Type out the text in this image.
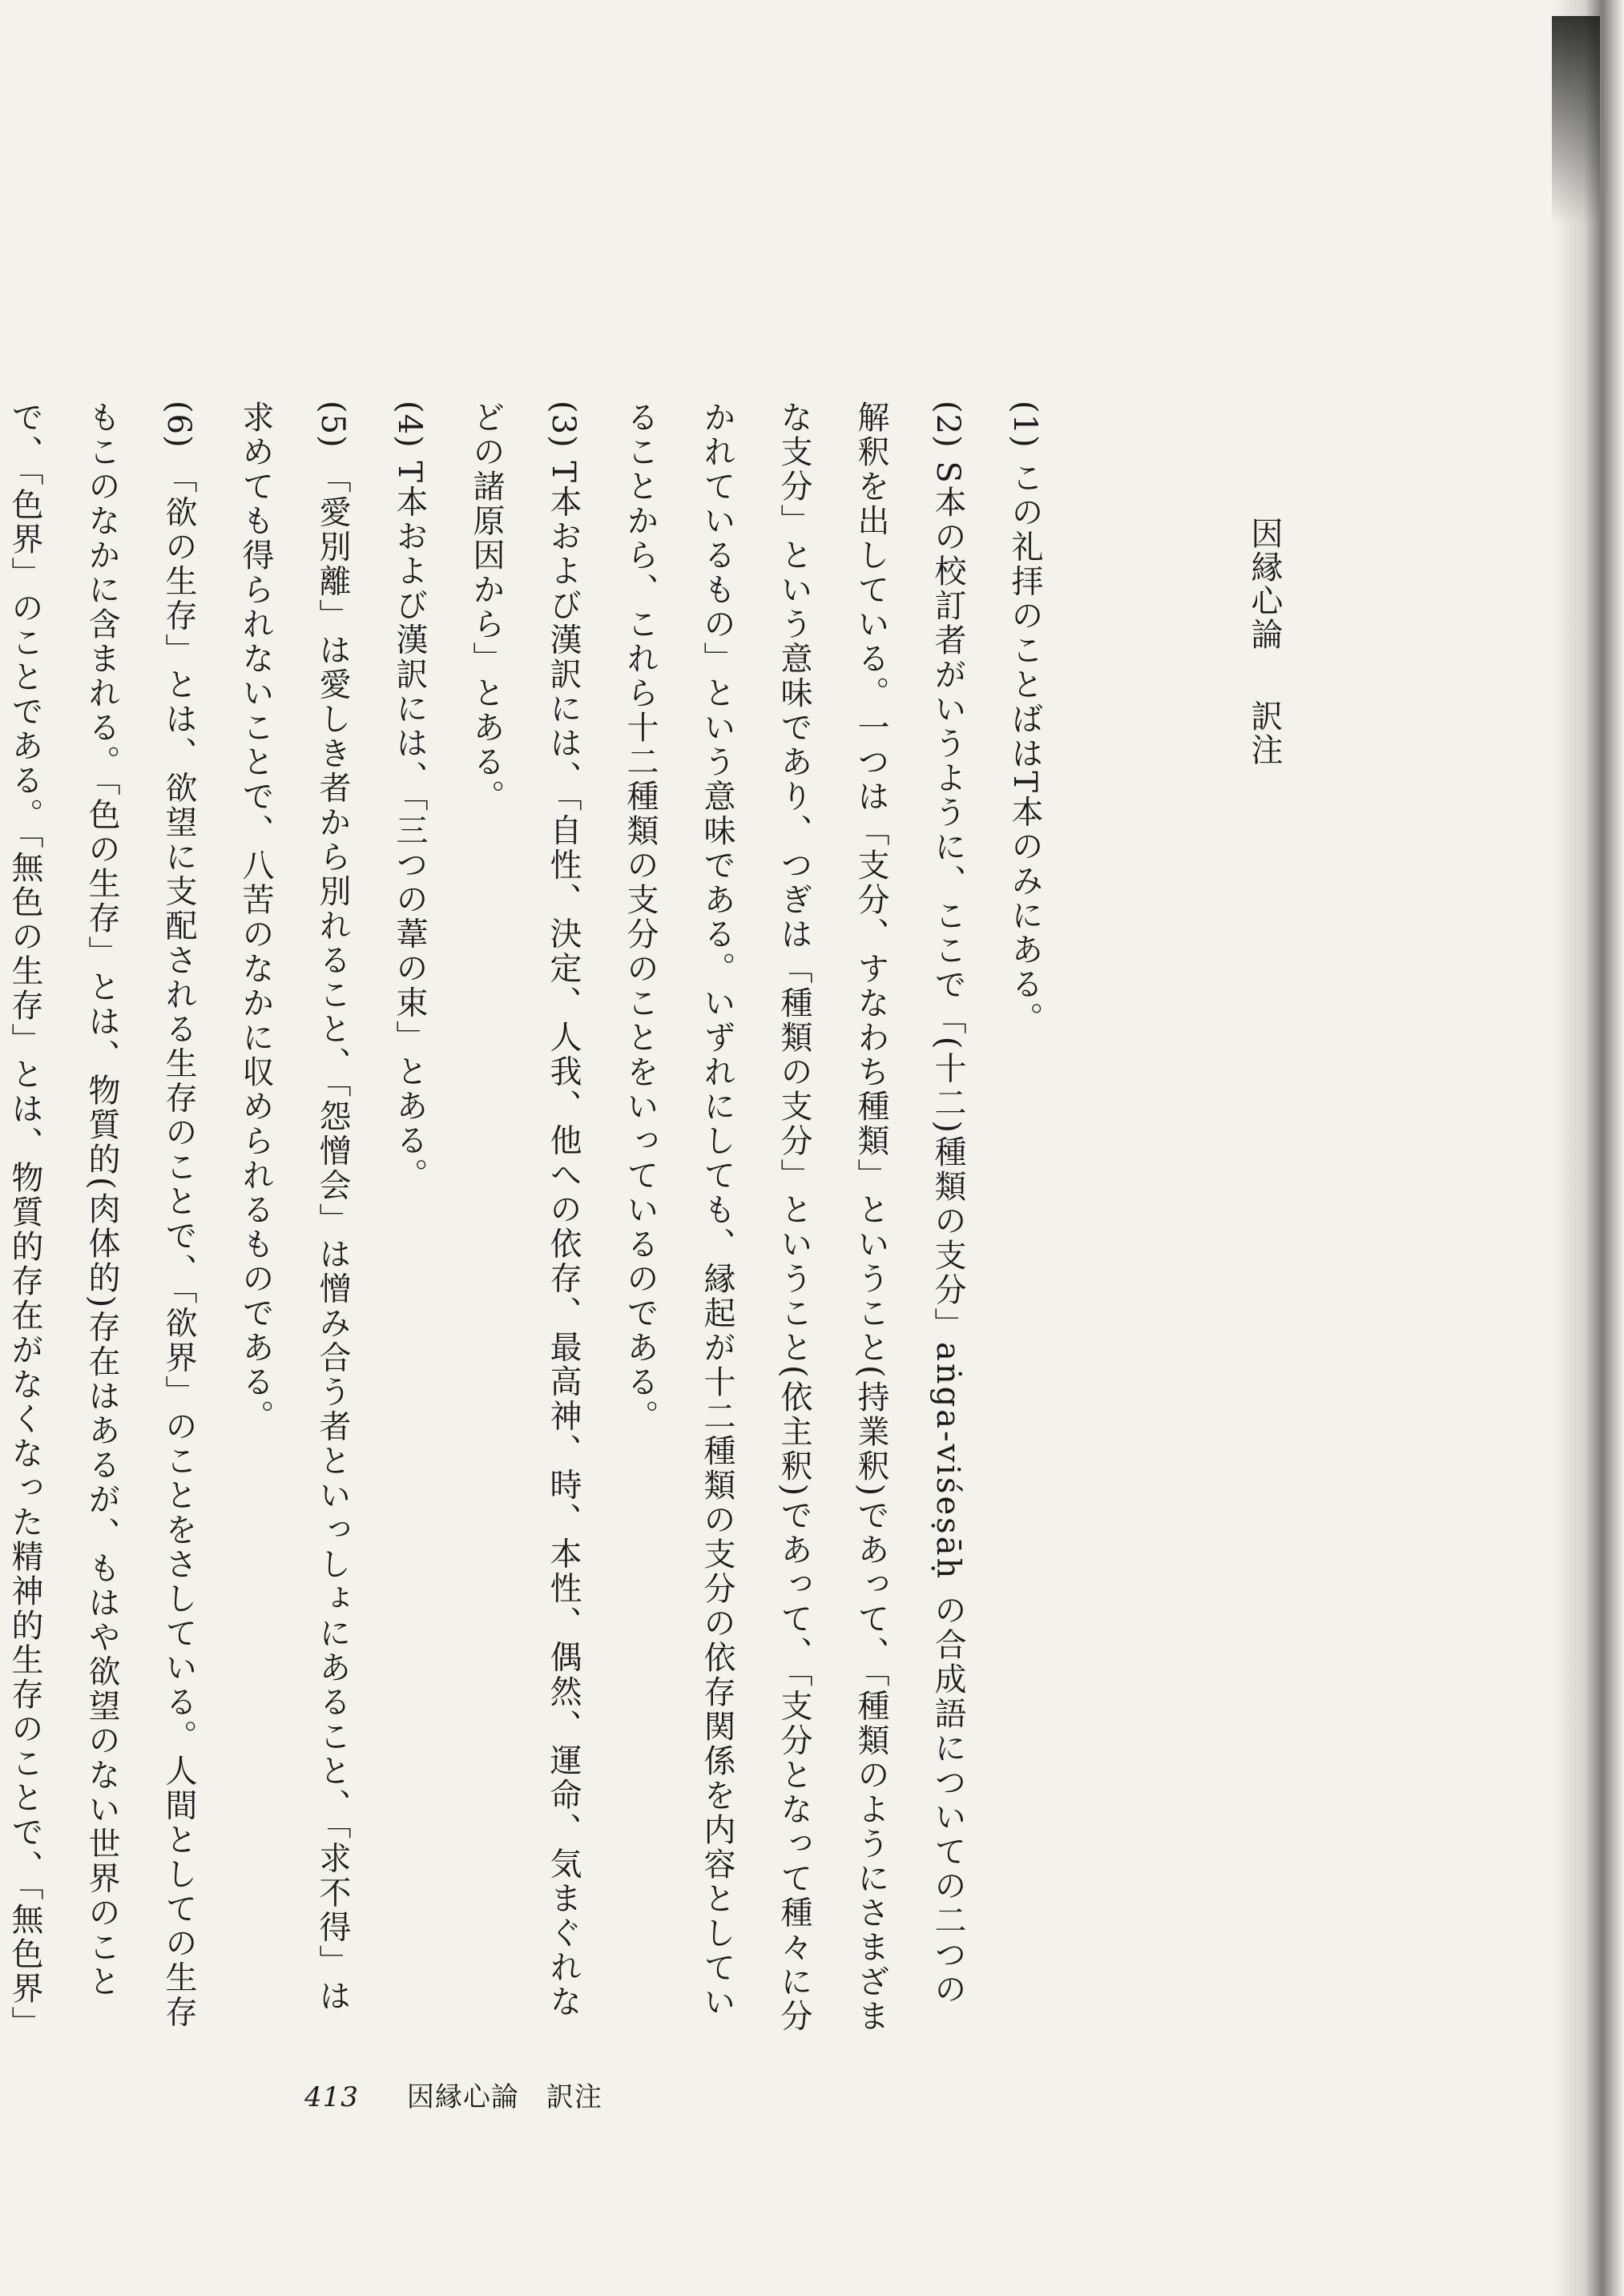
因縁心論訳注

(1) この礼拝のことばはT本のみにある。

(2) S本の校訂者がいうように、ここで「(十二)種類の支分」aṅga-viśeṣāḥ の合成語についての二つの解釈を出している。一つは「支分、すなわち種類」ということ(持業釈)であって、「種類のようにさまざまな支分」という意味であり、つぎは「種類の支分」ということ(依主釈)であって、「支分となって種々に分かれているもの」という意味である。いずれにしても、縁起が十二種類の支分の依存関係を内容としていることから、これら十二種類の支分のことをいっているのである。

(3) T本および漢訳には、「自性、決定、人我、他への依存、最高神、時、本性、偶然、運命、気まぐれなどの諸原因から」とある。

(4) T本および漢訳には、「三つの葦の束」とある。

(5) 「愛別離」は愛しき者から別れること、「怨憎会」は憎み合う者といっしょにあること、「求不得」は求めても得られないことで、八苦のなかに収められるものである。

(6) 「欲の生存」とは、欲望に支配される生存のことで、「欲界」のことをさしている。人間としての生存もこのなかに含まれる。「色の生存」とは、物質的(肉体的)存在はあるが、もはや欲望のない世界のことで、「色界」のことである。「無色の生存」とは、物質的存在がなくなった精神的生存のことで、「無色界」

413 因縁心論 訳注
